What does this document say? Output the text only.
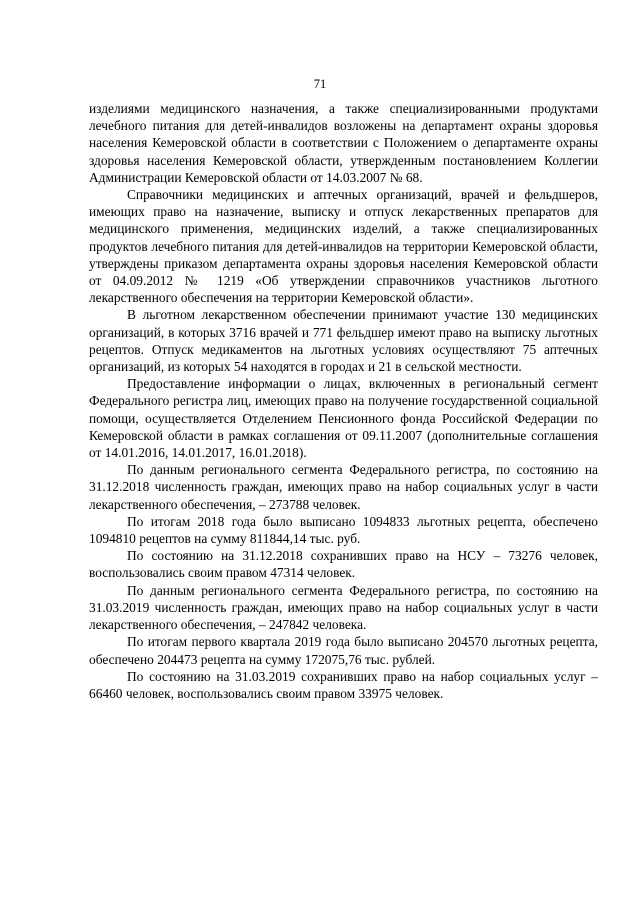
71

изделиями медицинского назначения, а также специализированными продуктами лечебного питания для детей-инвалидов возложены на департамент охраны здоровья населения Кемеровской области в соответствии с Положением о департаменте охраны здоровья населения Кемеровской области, утвержденным постановлением Коллегии Администрации Кемеровской области от 14.03.2007 № 68.

Справочники медицинских и аптечных организаций, врачей и фельдшеров, имеющих право на назначение, выписку и отпуск лекарственных препаратов для медицинского применения, медицинских изделий, а также специализированных продуктов лечебного питания для детей-инвалидов на территории Кемеровской области, утверждены приказом департамента охраны здоровья населения Кемеровской области от 04.09.2012 № 1219 «Об утверждении справочников участников льготного лекарственного обеспечения на территории Кемеровской области».

В льготном лекарственном обеспечении принимают участие 130 медицинских организаций, в которых 3716 врачей и 771 фельдшер имеют право на выписку льготных рецептов. Отпуск медикаментов на льготных условиях осуществляют 75 аптечных организаций, из которых 54 находятся в городах и 21 в сельской местности.

Предоставление информации о лицах, включенных в региональный сегмент Федерального регистра лиц, имеющих право на получение государственной социальной помощи, осуществляется Отделением Пенсионного фонда Российской Федерации по Кемеровской области в рамках соглашения от 09.11.2007 (дополнительные соглашения от 14.01.2016, 14.01.2017, 16.01.2018).

По данным регионального сегмента Федерального регистра, по состоянию на 31.12.2018 численность граждан, имеющих право на набор социальных услуг в части лекарственного обеспечения, – 273788 человек.

По итогам 2018 года было выписано 1094833 льготных рецепта, обеспечено 1094810 рецептов на сумму 811844,14 тыс. руб.

По состоянию на 31.12.2018 сохранивших право на НСУ – 73276 человек, воспользовались своим правом 47314 человек.

По данным регионального сегмента Федерального регистра, по состоянию на 31.03.2019 численность граждан, имеющих право на набор социальных услуг в части лекарственного обеспечения, – 247842 человека.

По итогам первого квартала 2019 года было выписано 204570 льготных рецепта, обеспечено 204473 рецепта на сумму 172075,76 тыс. рублей.

По состоянию на 31.03.2019 сохранивших право на набор социальных услуг – 66460 человек, воспользовались своим правом 33975 человек.
